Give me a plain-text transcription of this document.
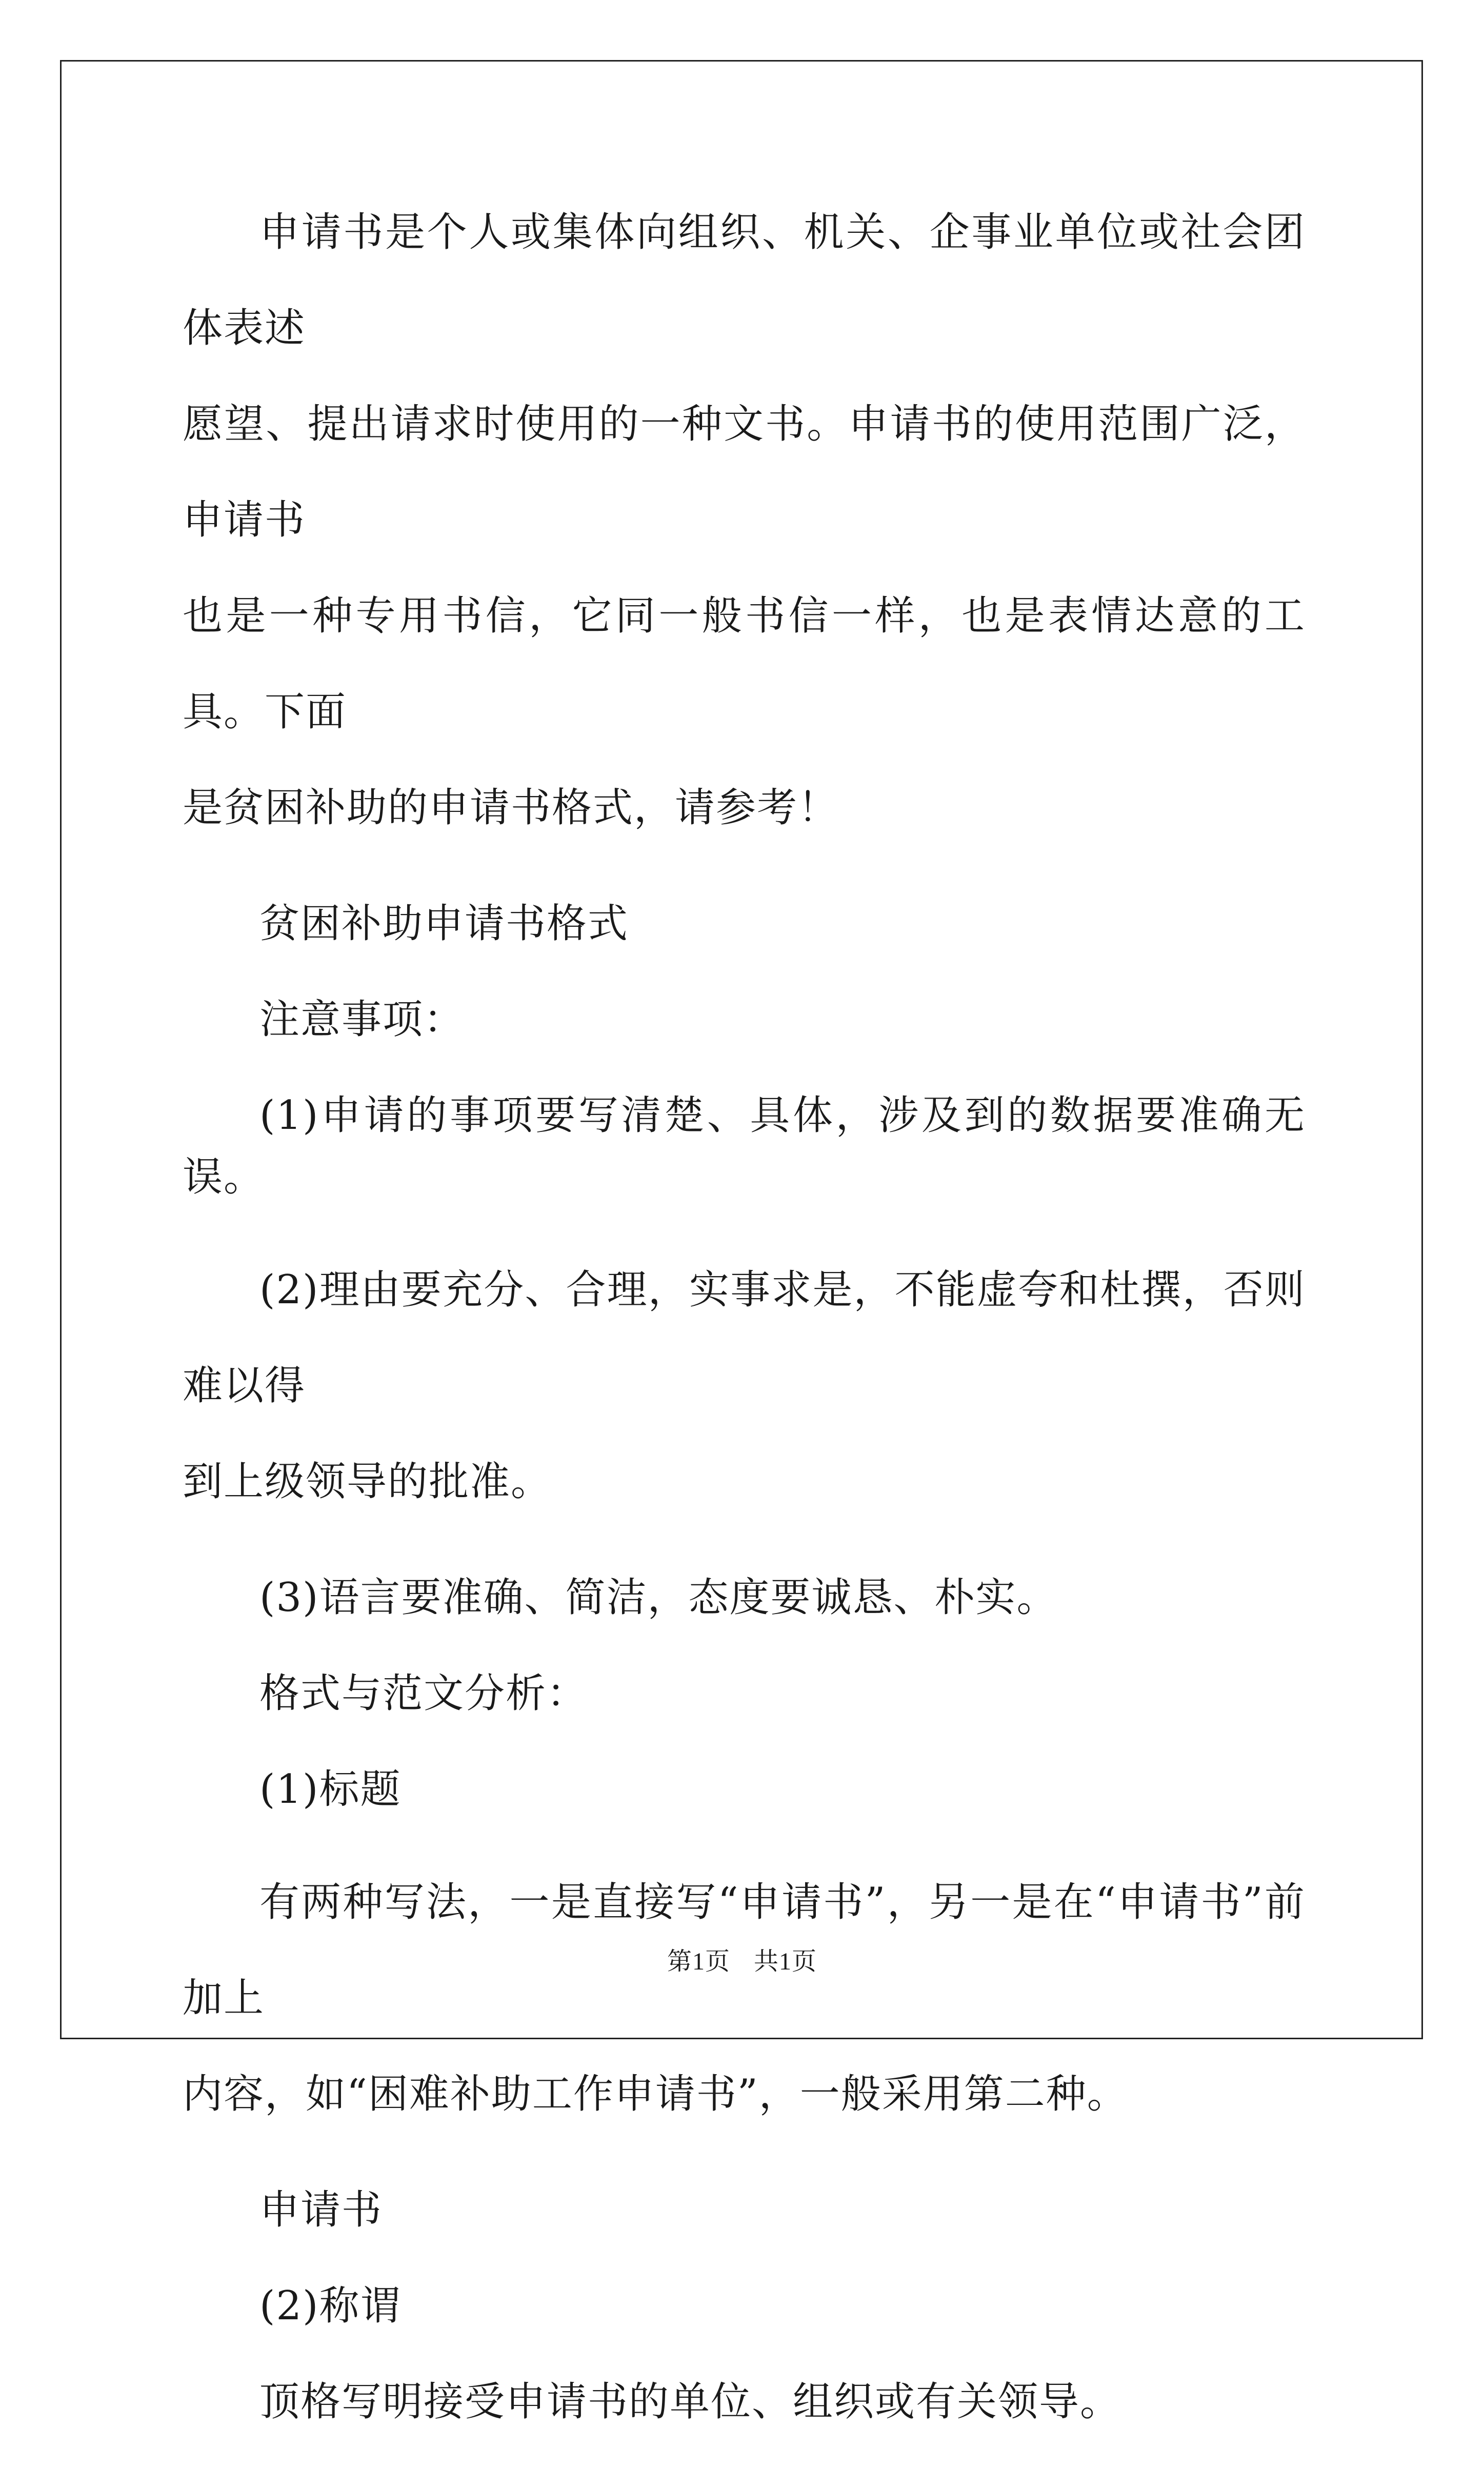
申请书是个人或集体向组织、机关、企事业单位或社会团体表述
愿望、提出请求时使用的一种文书。申请书的使用范围广泛，申请书
也是一种专用书信，它同一般书信一样，也是表情达意的工具。下面
是贫困补助的申请书格式，请参考！

贫困补助申请书格式

注意事项：

(1)申请的事项要写清楚、具体，涉及到的数据要准确无误。

(2)理由要充分、合理，实事求是，不能虚夸和杜撰，否则难以得
到上级领导的批准。

(3)语言要准确、简洁，态度要诚恳、朴实。

格式与范文分析：

(1)标题

有两种写法，一是直接写“申请书”，另一是在“申请书”前加上
内容，如“困难补助工作申请书”，一般采用第二种。

申请书

(2)称谓

顶格写明接受申请书的单位、组织或有关领导。

第1页 共1页
